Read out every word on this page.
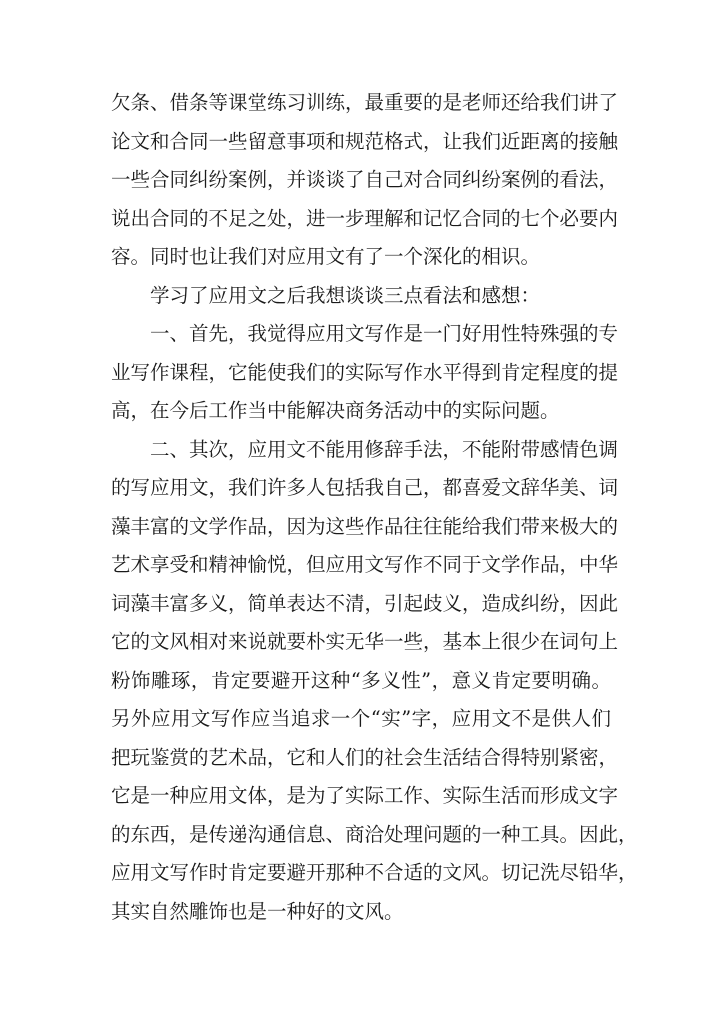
欠条、借条等课堂练习训练，最重要的是老师还给我们讲了
论文和合同一些留意事项和规范格式，让我们近距离的接触
一些合同纠纷案例，并谈谈了自己对合同纠纷案例的看法，
说出合同的不足之处，进一步理解和记忆合同的七个必要内
容。同时也让我们对应用文有了一个深化的相识。
学习了应用文之后我想谈谈三点看法和感想：
一、首先，我觉得应用文写作是一门好用性特殊强的专
业写作课程，它能使我们的实际写作水平得到肯定程度的提
高，在今后工作当中能解决商务活动中的实际问题。
二、其次，应用文不能用修辞手法，不能附带感情色调
的写应用文，我们许多人包括我自己，都喜爱文辞华美、词
藻丰富的文学作品，因为这些作品往往能给我们带来极大的
艺术享受和精神愉悦，但应用文写作不同于文学作品，中华
词藻丰富多义，简单表达不清，引起歧义，造成纠纷，因此
它的文风相对来说就要朴实无华一些，基本上很少在词句上
粉饰雕琢，肯定要避开这种“多义性”，意义肯定要明确。
另外应用文写作应当追求一个“实”字，应用文不是供人们
把玩鉴赏的艺术品，它和人们的社会生活结合得特别紧密，
它是一种应用文体，是为了实际工作、实际生活而形成文字
的东西，是传递沟通信息、商洽处理问题的一种工具。因此，
应用文写作时肯定要避开那种不合适的文风。切记洗尽铅华，
其实自然雕饰也是一种好的文风。
